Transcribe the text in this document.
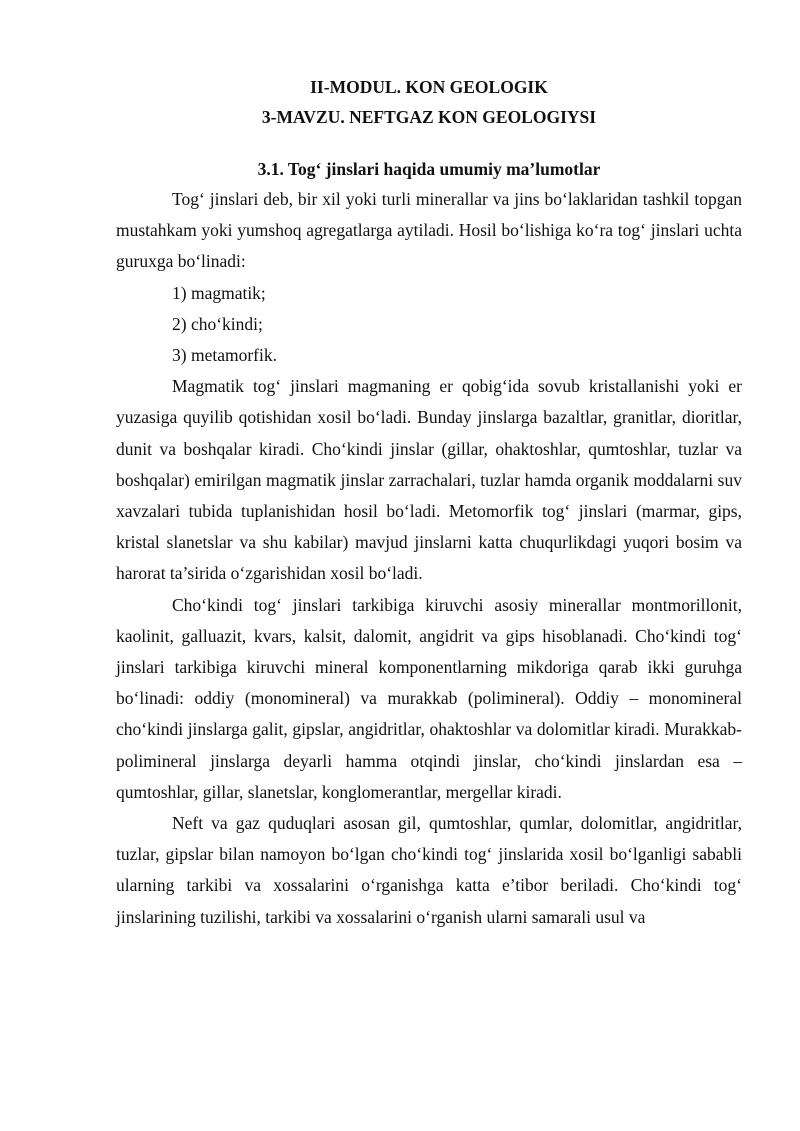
II-MODUL. KON GEOLOGIK

3-MAVZU. NEFTGAZ KON GEOLOGIYSI

3.1. Tog‘ jinslari haqida umumiy ma’lumotlar

Tog‘ jinslari deb, bir xil yoki turli minerallar va jins bo‘laklaridan tashkil topgan mustahkam yoki yumshoq agregatlarga aytiladi. Hosil bo‘lishiga ko‘ra tog‘ jinslari uchta guruxga bo‘linadi:

1) magmatik;

2) cho‘kindi;

3) metamorfik.

Magmatik tog‘ jinslari magmaning er qobig‘ida sovub kristallanishi yoki er yuzasiga quyilib qotishidan xosil bo‘ladi. Bunday jinslarga bazaltlar, granitlar, dioritlar, dunit va boshqalar kiradi. Cho‘kindi jinslar (gillar, ohaktoshlar, qumtoshlar, tuzlar va boshqalar) emirilgan magmatik jinslar zarrachalari, tuzlar hamda organik moddalarni suv xavzalari tubida tuplanishidan hosil bo‘ladi. Metomorfik tog‘ jinslari (marmar, gips, kristal slanetslar va shu kabilar) mavjud jinslarni katta chuqurlikdagi yuqori bosim va harorat ta’sirida o‘zgarishidan xosil bo‘ladi.

Cho‘kindi tog‘ jinslari tarkibiga kiruvchi asosiy minerallar montmorillonit, kaolinit, galluazit, kvars, kalsit, dalomit, angidrit va gips hisoblanadi. Cho‘kindi tog‘ jinslari tarkibiga kiruvchi mineral komponentlarning mikdoriga qarab ikki guruhga bo‘linadi: oddiy (monomineral) va murakkab (polimineral). Oddiy – monomineral cho‘kindi jinslarga galit, gipslar, angidritlar, ohaktoshlar va dolomitlar kiradi. Murakkab-polimineral jinslarga deyarli hamma otqindi jinslar, cho‘kindi jinslardan esa –qumtoshlar, gillar, slanetslar, konglomerantlar, mergellar kiradi.

Neft va gaz quduqlari asosan gil, qumtoshlar, qumlar, dolomitlar, angidritlar, tuzlar, gipslar bilan namoyon bo‘lgan cho‘kindi tog‘ jinslarida xosil bo‘lganligi sababli ularning tarkibi va xossalarini o‘rganishga katta e’tibor beriladi. Cho‘kindi tog‘ jinslarining tuzilishi, tarkibi va xossalarini o‘rganish ularni samarali usul va
